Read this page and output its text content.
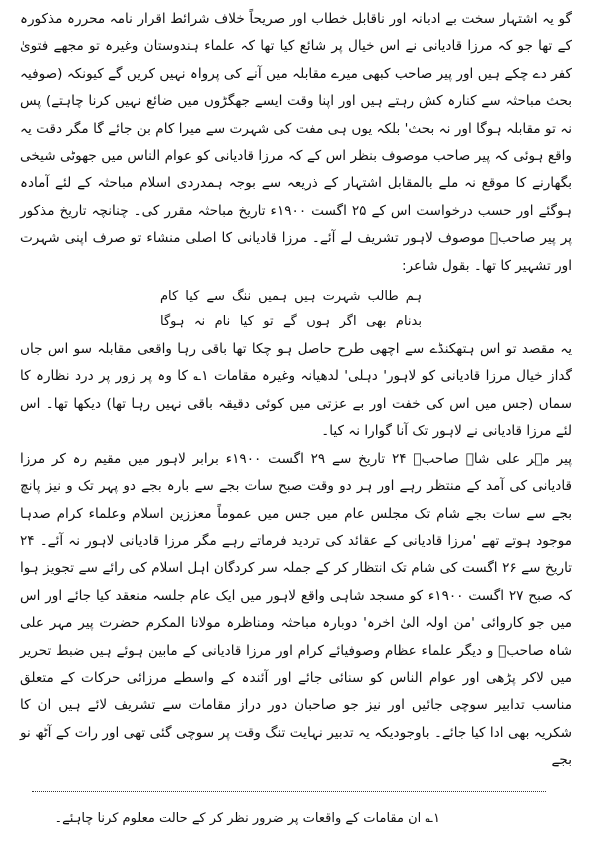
گو یہ اشتہار سخت بے ادبانہ اور ناقابل خطاب اور صریحاً خلاف شرائط اقرار نامہ محررہ مذکورہ کے تھا جو کہ مرزا قادیانی نے اس خیال پر شائع کیا تھا کہ علماء ہندوستان وغیرہ تو مجھے فتویٰ کفر دے چکے ہیں اور پیر صاحب کبھی میرے مقابلہ میں آنے کی پرواہ نہیں کریں گے کیونکہ (صوفیہ بحث مباحثہ سے کنارہ کش رہتے ہیں اور اپنا وقت ایسے جھگڑوں میں ضائع نہیں کرنا چاہتے) پس نہ تو مقابلہ ہوگا اور نہ بحث' بلکہ یوں ہی مفت کی شہرت سے میرا کام بن جائے گا مگر دقت یہ واقع ہوئی کہ پیر صاحب موصوف بنظر اس کے کہ مرزا قادیانی کو عوام الناس میں جھوٹی شیخی بگھارنے کا موقع نہ ملے بالمقابل اشتہار کے ذریعہ سے بوجہ ہمدردی اسلام مباحثہ کے لئے آمادہ ہوگئے اور حسب درخواست اس کے ۲۵ اگست ۱۹۰۰ء تاریخ مباحثہ مقرر کی۔ چنانچہ تاریخ مذکور پر پیر صاحبؒ موصوف لاہور تشریف لے آئے۔ مرزا قادیانی کا اصلی منشاء تو صرف اپنی شہرت اور تشہیر کا تھا۔ بقول شاعر:

ہم طالب شہرت ہیں ہمیں ننگ سے کیا کام
بدنام بھی اگر ہوں گے تو کیا نام نہ ہوگا

یہ مقصد تو اس ہتھکنڈے سے اچھی طرح حاصل ہو چکا تھا باقی رہا واقعی مقابلہ سو اس جاں گداز خیال مرزا قادیانی کو لاہور' دہلی' لدھیانہ وغیرہ مقامات ۱؎ کا وہ پر زور پر درد نظارہ کا سماں (جس میں اس کی خفت اور بے عزتی میں کوئی دقیقہ باقی نہیں رہا تھا) دیکھا تھا۔ اس لئے مرزا قادیانی نے لاہور تک آنا گوارا نہ کیا۔

پیر مہر علی شاہ صاحبؒ ۲۴ تاریخ سے ۲۹ اگست ۱۹۰۰ء برابر لاہور میں مقیم رہ کر مرزا قادیانی کی آمد کے منتظر رہے اور ہر دو وقت صبح سات بجے سے بارہ بجے دو پہر تک و نیز پانچ بجے سے سات بجے شام تک مجلس عام میں جس میں عموماً معززین اسلام وعلماء کرام صدہا موجود ہوتے تھے 'مرزا قادیانی کے عقائد کی تردید فرماتے رہے مگر مرزا قادیانی لاہور نہ آئے۔ ۲۴ تاریخ سے ۲۶ اگست کی شام تک انتظار کر کے جملہ سر کردگان اہل اسلام کی رائے سے تجویز ہوا کہ صبح ۲۷ اگست ۱۹۰۰ء کو مسجد شاہی واقع لاہور میں ایک عام جلسہ منعقد کیا جائے اور اس میں جو کاروائی 'من اولہ الیٰ اخرہ' دوبارہ مباحثہ ومناظرہ مولانا المکرم حضرت پیر مہر علی شاہ صاحبؒ و دیگر علماء عظام وصوفیائے کرام اور مرزا قادیانی کے مابین ہوئے ہیں ضبط تحریر میں لاکر پڑھی اور عوام الناس کو سنائی جائے اور آئندہ کے واسطے مرزائی حرکات کے متعلق مناسب تدابیر سوچی جائیں اور نیز جو صاحبان دور دراز مقامات سے تشریف لائے ہیں ان کا شکریہ بھی ادا کیا جائے۔ باوجودیکہ یہ تدبیر نہایت تنگ وقت پر سوچی گئی تھی اور رات کے آٹھ نو بجے

۱؎ ان مقامات کے واقعات پر ضرور نظر کر کے حالت معلوم کرنا چاہئے۔
